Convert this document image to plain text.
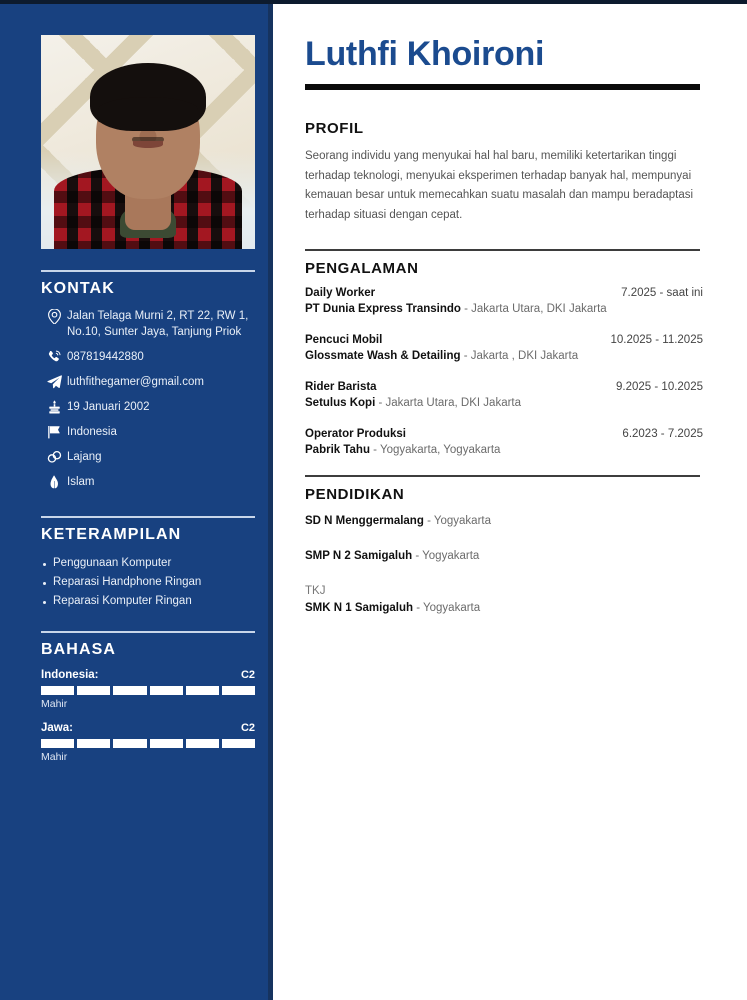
KONTAK
Jalan Telaga Murni 2, RT 22, RW 1, No.10, Sunter Jaya, Tanjung Priok
087819442880
luthfithegamer@gmail.com
19 Januari 2002
Indonesia
Lajang
Islam
KETERAMPILAN
Penggunaan Komputer
Reparasi Handphone Ringan
Reparasi Komputer Ringan
BAHASA
Indonesia:	C2
Mahir
Jawa:	C2
Mahir
Luthfi Khoironi
PROFIL

Seorang individu yang menyukai hal hal baru, memiliki ketertarikan tinggi terhadap teknologi, menyukai eksperimen terhadap banyak hal, mempunyai kemauan besar untuk memecahkan suatu masalah dan mampu beradaptasi terhadap situasi dengan cepat.

PENGALAMAN
Daily Worker	7.2025 - saat ini
PT Dunia Express Transindo - Jakarta Utara, DKI Jakarta
Pencuci Mobil	10.2025 - 11.2025
Glossmate Wash & Detailing - Jakarta , DKI Jakarta
Rider Barista	9.2025 - 10.2025
Setulus Kopi - Jakarta Utara, DKI Jakarta
Operator Produksi	6.2023 - 7.2025
Pabrik Tahu - Yogyakarta, Yogyakarta
PENDIDIKAN
SD N Menggermalang - Yogyakarta
SMP N 2 Samigaluh - Yogyakarta
TKJ
SMK N 1 Samigaluh - Yogyakarta
